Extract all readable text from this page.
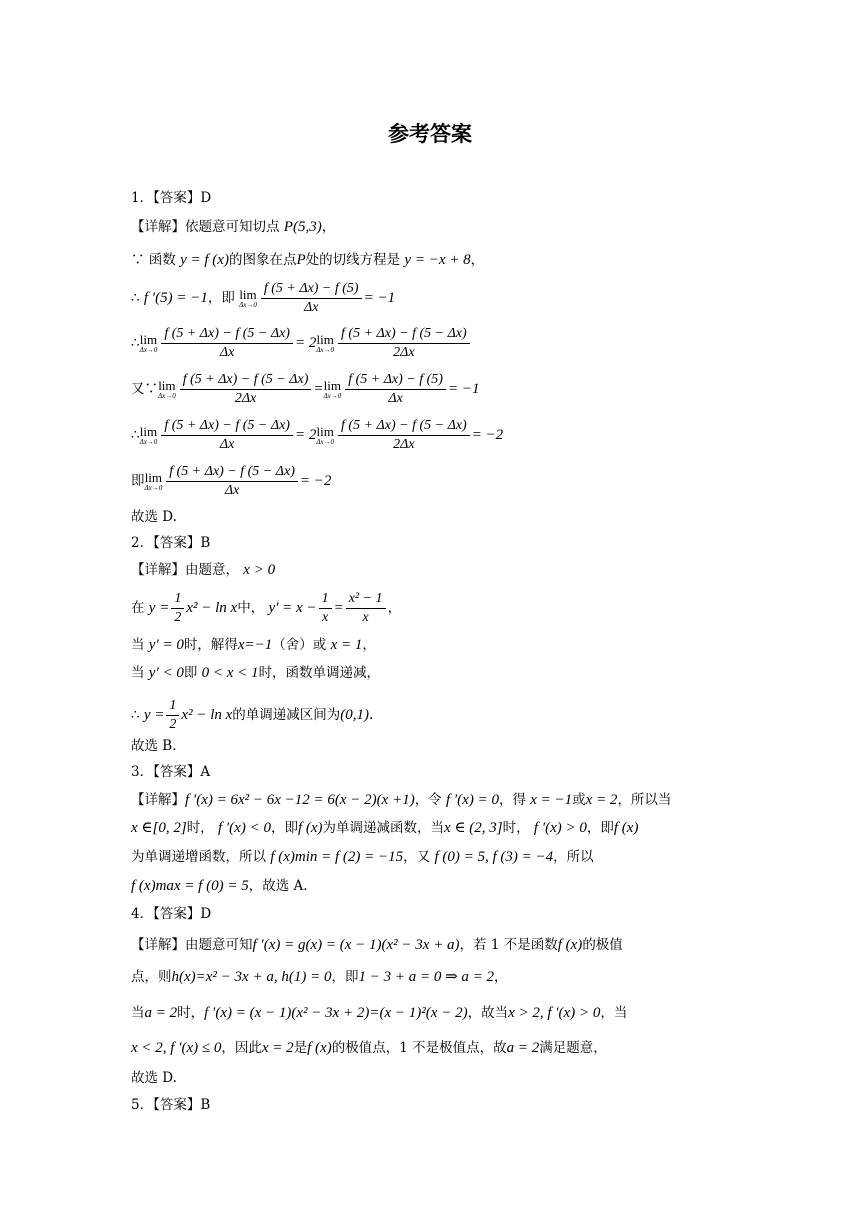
参考答案
1．【答案】D
【详解】依题意可知切点 P(5,3)，
∵ 函数 y = f (x)的图象在点P处的切线方程是 y = −x + 8，
∴ f ′(5) = −1，即 lim
$\Delta x\to 0 \frac{f (5 + \Delta x) - f (5)}{\Delta x} = -1$
∴lim
$\Delta x\to 0 \frac{f (5 + \Delta x) - f (5 - \Delta x)}{\Delta x} = 2\lim$
$\Delta x\to 0 \frac{f (5 + \Delta x) - f (5 - \Delta x)}{2\Delta x}$
又∵lim
$\Delta x\to 0 \frac{f (5 + \Delta x) - f (5 - \Delta x)}{2\Delta x} =\lim$
$\Delta x\to 0 \frac{f (5 + \Delta x) - f (5)}{\Delta x} = -1$
∴lim
$\Delta x\to 0 \frac{f (5 + \Delta x) - f (5 - \Delta x)}{\Delta x} = 2\lim$
$\Delta x\to 0 \frac{f (5 + \Delta x) - f (5 - \Delta x)}{2\Delta x} = -2$
即lim
$\Delta x\to 0 \frac{f (5 + \Delta x) - f (5 - \Delta x)}{\Delta x} = -2$
故选 D.
2．【答案】B
【详解】由题意， x > 0
在 $y = \frac{1}{2} x^2 - \ln x$中， $y' = x - \frac{1}{x} = \frac{\text{x² − 1}}{x}$ ，
当 y′ = 0时，解得x=−1（舍）或 x = 1，
当 y′ < 0即 0 < x < 1时，函数单调递减，
∴ $y = \frac{1}{2} x^2 - \ln x$的单调递减区间为(0,1).
故选 B.
3．【答案】A
【详解】f ′(x) = 6x² − 6x −12 = 6(x − 2)(x +1)，令 f ′(x) = 0，得 x = −1或x = 2，所以当
x ∈[0, 2]时， f ′(x) < 0，即f (x)为单调递减函数，当x ∈ (2, 3]时， f ′(x) > 0，即f (x)
为单调递增函数，所以 f (x)min = f (2) = −15，又 f (0) = 5, f (3) = −4，所以
f (x)max = f (0) = 5，故选 A.
4．【答案】D
【详解】由题意可知f ′(x) = g(x) = (x − 1)(x² − 3x + a)，若 1 不是函数f (x)的极值
点，则h(x)=x² − 3x + a, h(1) = 0，即1 − 3 + a = 0 ⇒ a = 2，
当a = 2时，f ′(x) = (x − 1)(x² − 3x + 2)=(x − 1)²(x − 2)，故当x > 2, f ′(x) > 0，当
x < 2, f ′(x) ≤ 0，因此x = 2是f (x)的极值点，1 不是极值点，故a = 2满足题意，
故选 D.
5．【答案】B
